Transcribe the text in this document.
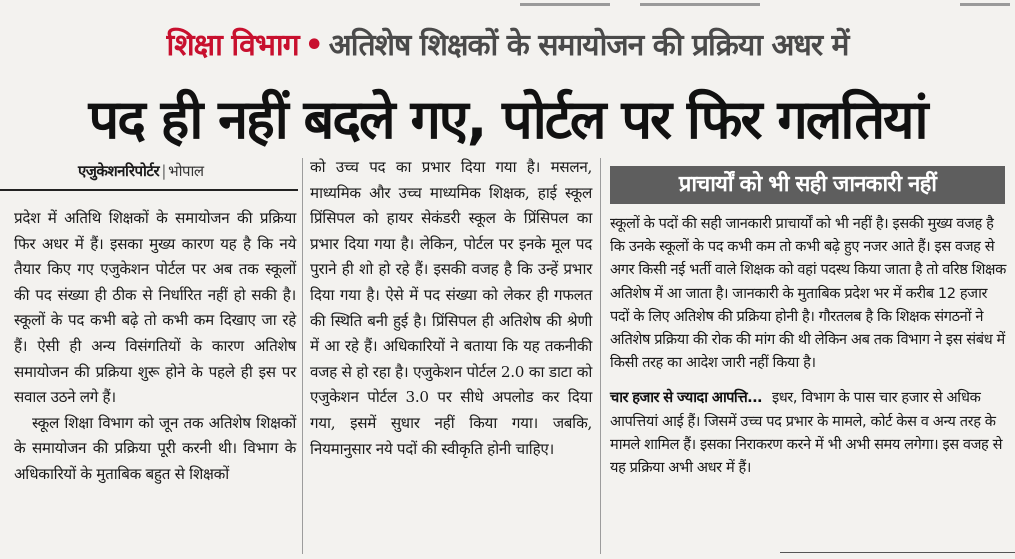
शिक्षा विभाग • अतिशेष शिक्षकों के समायोजन की प्रक्रिया अधर में
पद ही नहीं बदले गए, पोर्टल पर फिर गलतियां
एजुकेशनरिपोर्टर | भोपाल

प्रदेश में अतिथि शिक्षकों के समायोजन की प्रक्रिया फिर अधर में हैं। इसका मुख्य कारण यह है कि नये तैयार किए गए एजुकेशन पोर्टल पर अब तक स्कूलों की पद संख्या ही ठीक से निर्धारित नहीं हो सकी है। स्कूलों के पद कभी बढ़े तो कभी कम दिखाए जा रहे हैं। ऐसी ही अन्य विसंगतियों के कारण अतिशेष समायोजन की प्रक्रिया शुरू होने के पहले ही इस पर सवाल उठने लगे हैं।

स्कूल शिक्षा विभाग को जून तक अतिशेष शिक्षकों के समायोजन की प्रक्रिया पूरी करनी थी। विभाग के अधिकारियों के मुताबिक बहुत से शिक्षकों

को उच्च पद का प्रभार दिया गया है। मसलन, माध्यमिक और उच्च माध्यमिक शिक्षक, हाई स्कूल प्रिंसिपल को हायर सेकंडरी स्कूल के प्रिंसिपल का प्रभार दिया गया है। लेकिन, पोर्टल पर इनके मूल पद पुराने ही शो हो रहे हैं। इसकी वजह है कि उन्हें प्रभार दिया गया है। ऐसे में पद संख्या को लेकर ही गफलत की स्थिति बनी हुई है। प्रिंसिपल ही अतिशेष की श्रेणी में आ रहे हैं। अधिकारियों ने बताया कि यह तकनीकी वजह से हो रहा है। एजुकेशन पोर्टल 2.0 का डाटा को एजुकेशन पोर्टल 3.0 पर सीधे अपलोड कर दिया गया, इसमें सुधार नहीं किया गया। जबकि, नियमानुसार नये पदों की स्वीकृति होनी चाहिए।

प्राचार्यों को भी सही जानकारी नहीं

स्कूलों के पदों की सही जानकारी प्राचार्यों को भी नहीं है। इसकी मुख्य वजह है कि उनके स्कूलों के पद कभी कम तो कभी बढ़े हुए नजर आते हैं। इस वजह से अगर किसी नई भर्ती वाले शिक्षक को वहां पदस्थ किया जाता है तो वरिष्ठ शिक्षक अतिशेष में आ जाता है। जानकारी के मुताबिक प्रदेश भर में करीब 12 हजार पदों के लिए अतिशेष की प्रक्रिया होनी है। गौरतलब है कि शिक्षक संगठनों ने अतिशेष प्रक्रिया की रोक की मांग की थी लेकिन अब तक विभाग ने इस संबंध में किसी तरह का आदेश जारी नहीं किया है।

चार हजार से ज्यादा आपत्ति... इधर, विभाग के पास चार हजार से अधिक आपत्तियां आई हैं। जिसमें उच्च पद प्रभार के मामले, कोर्ट केस व अन्य तरह के मामले शामिल हैं। इसका निराकरण करने में भी अभी समय लगेगा। इस वजह से यह प्रक्रिया अभी अधर में हैं।
